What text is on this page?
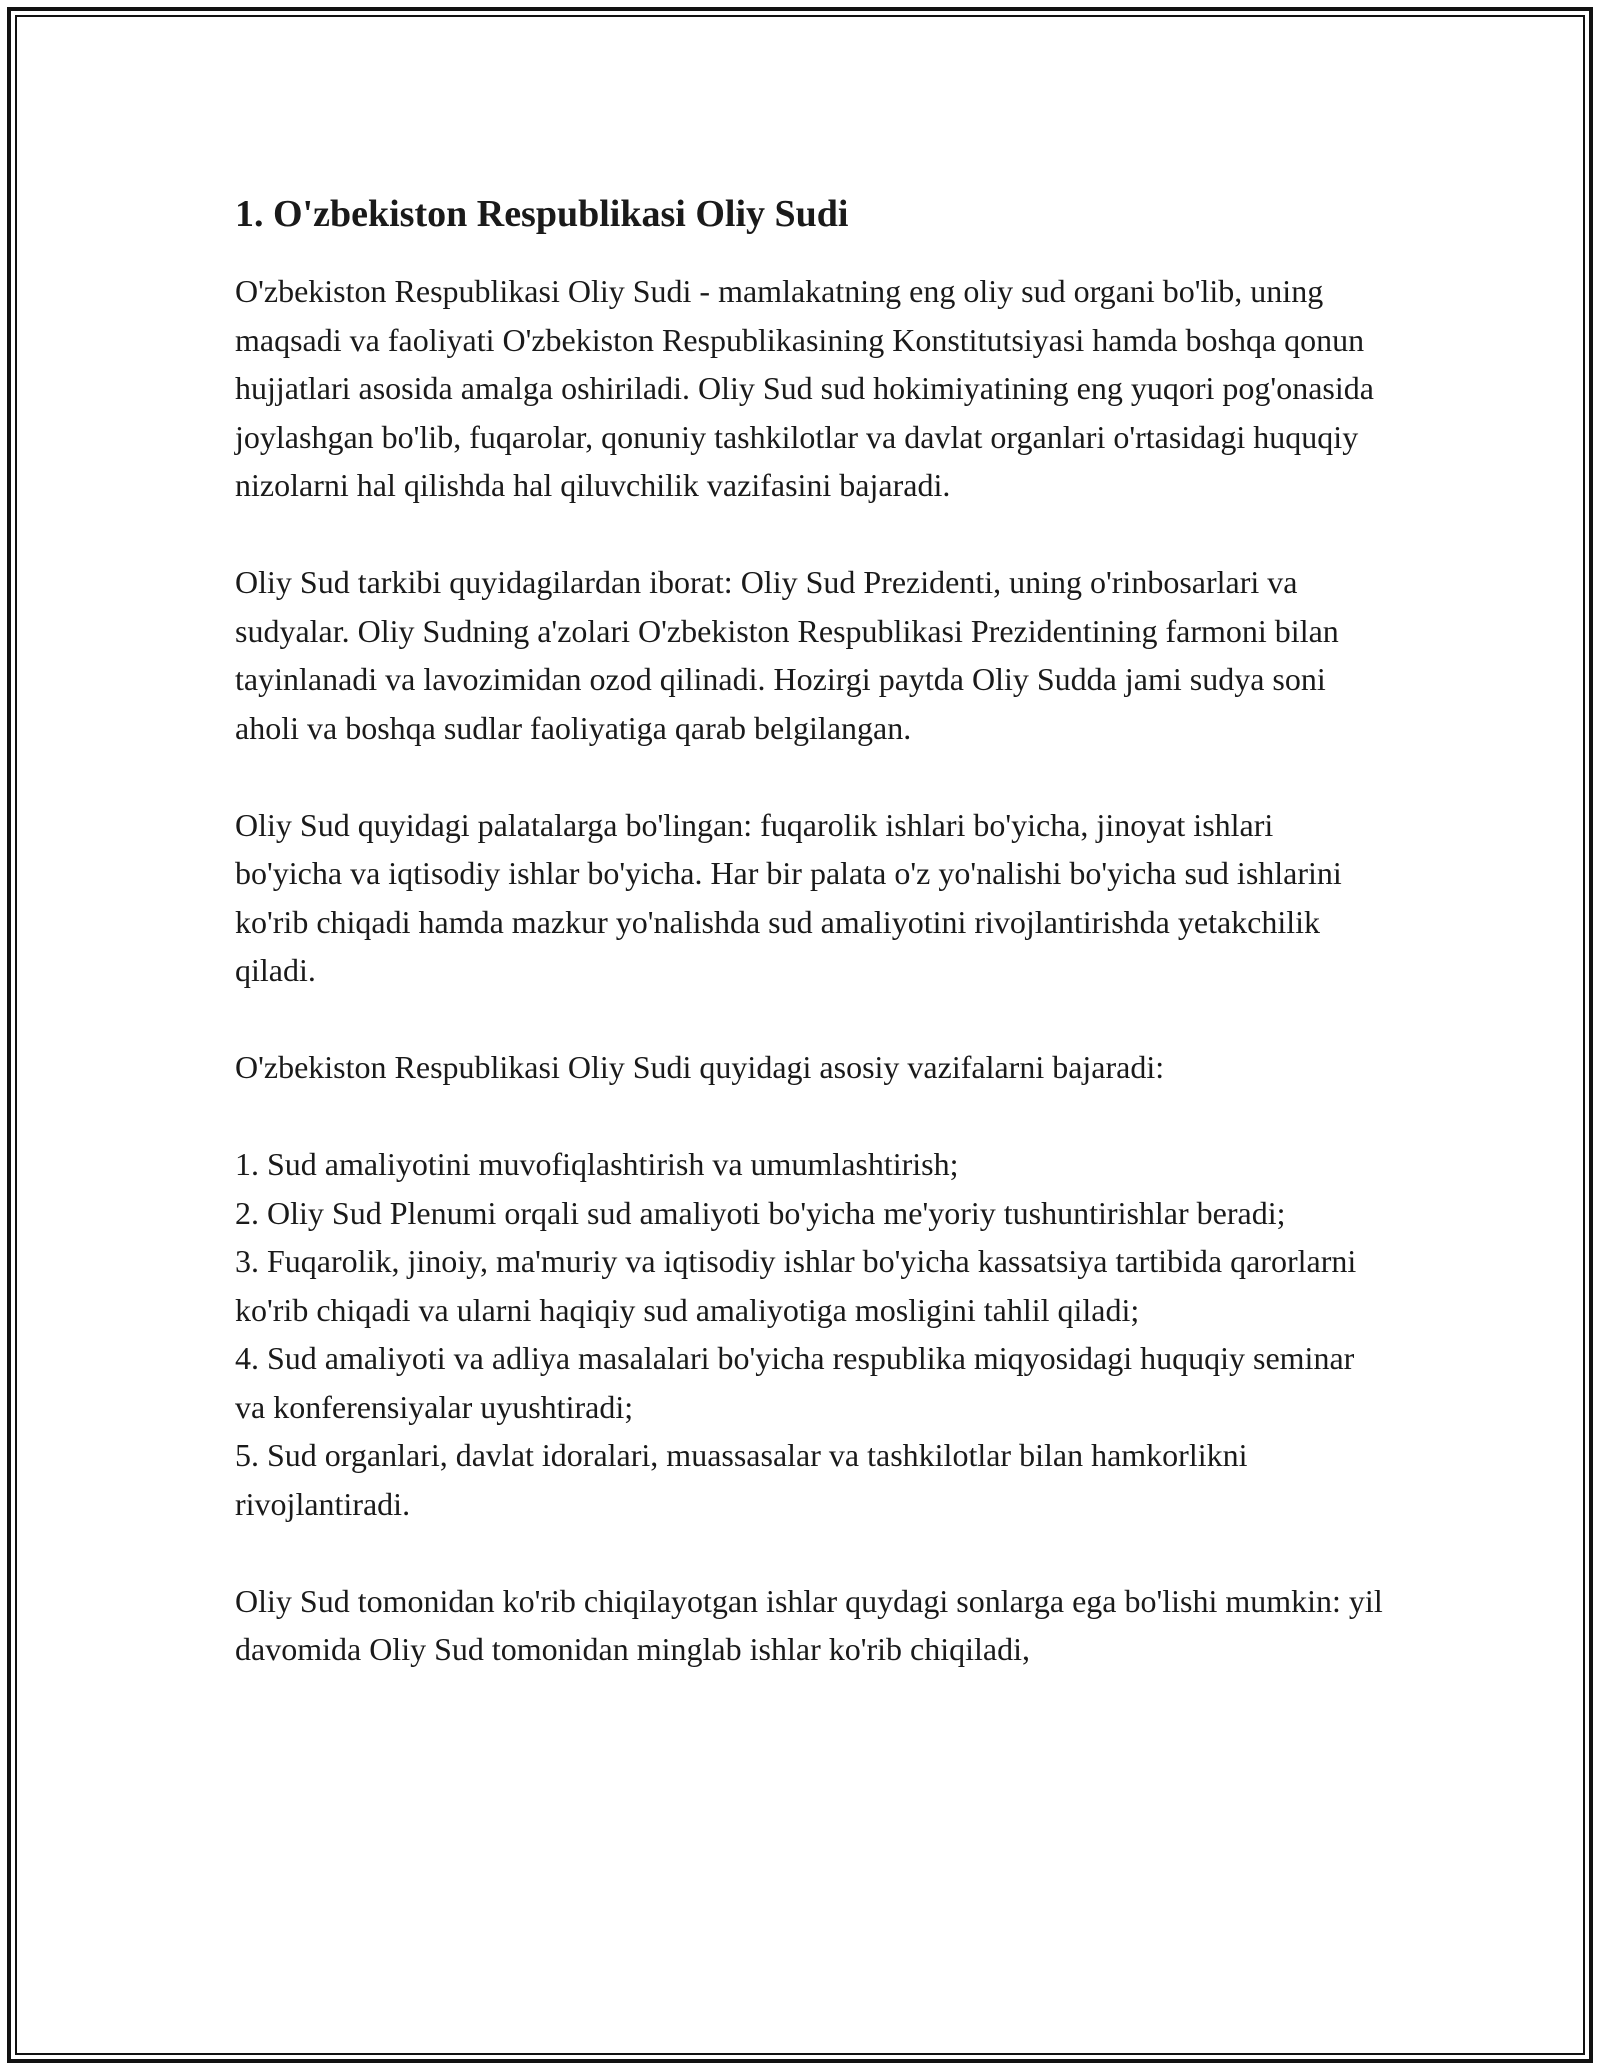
1. O'zbekiston Respublikasi Oliy Sudi

O'zbekiston Respublikasi Oliy Sudi - mamlakatning eng oliy sud organi bo'lib, uning maqsadi va faoliyati O'zbekiston Respublikasining Konstitutsiyasi hamda boshqa qonun hujjatlari asosida amalga oshiriladi. Oliy Sud sud hokimiyatining eng yuqori pog'onasida joylashgan bo'lib, fuqarolar, qonuniy tashkilotlar va davlat organlari o'rtasidagi huquqiy nizolarni hal qilishda hal qiluvchilik vazifasini bajaradi.

Oliy Sud tarkibi quyidagilardan iborat: Oliy Sud Prezidenti, uning o'rinbosarlari va sudyalar. Oliy Sudning a'zolari O'zbekiston Respublikasi Prezidentining farmoni bilan tayinlanadi va lavozimidan ozod qilinadi. Hozirgi paytda Oliy Sudda jami sudya soni aholi va boshqa sudlar faoliyatiga qarab belgilangan.

Oliy Sud quyidagi palatalarga bo'lingan: fuqarolik ishlari bo'yicha, jinoyat ishlari bo'yicha va iqtisodiy ishlar bo'yicha. Har bir palata o'z yo'nalishi bo'yicha sud ishlarini ko'rib chiqadi hamda mazkur yo'nalishda sud amaliyotini rivojlantirishda yetakchilik qiladi.

O'zbekiston Respublikasi Oliy Sudi quyidagi asosiy vazifalarni bajaradi:

1. Sud amaliyotini muvofiqlashtirish va umumlashtirish;

2. Oliy Sud Plenumi orqali sud amaliyoti bo'yicha me'yoriy tushuntirishlar beradi;

3. Fuqarolik, jinoiy, ma'muriy va iqtisodiy ishlar bo'yicha kassatsiya tartibida qarorlarni ko'rib chiqadi va ularni haqiqiy sud amaliyotiga mosligini tahlil qiladi;

4. Sud amaliyoti va adliya masalalari bo'yicha respublika miqyosidagi huquqiy seminar va konferensiyalar uyushtiradi;

5. Sud organlari, davlat idoralari, muassasalar va tashkilotlar bilan hamkorlikni rivojlantiradi.

Oliy Sud tomonidan ko'rib chiqilayotgan ishlar quydagi sonlarga ega bo'lishi mumkin: yil davomida Oliy Sud tomonidan minglab ishlar ko'rib chiqiladi,
